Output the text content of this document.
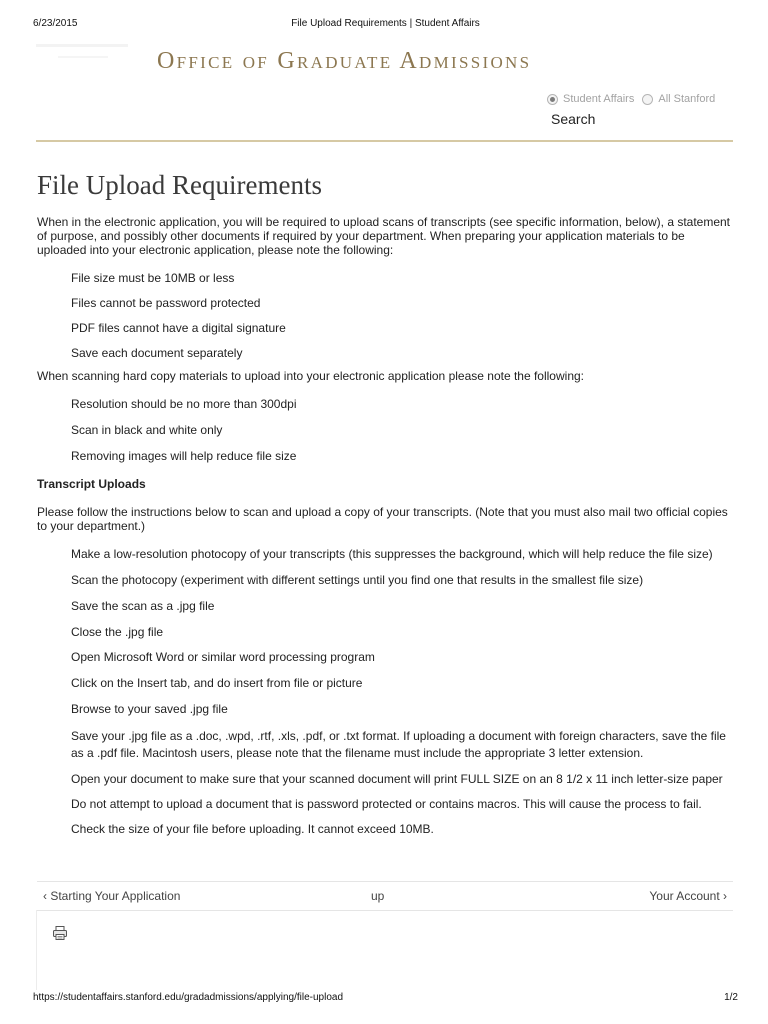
6/23/2015	File Upload Requirements | Student Affairs
Office of Graduate Admissions
Student Affairs All Stanford
Search
File Upload Requirements

When in the electronic application, you will be required to upload scans of transcripts (see specific information, below), a statement of purpose, and possibly other documents if required by your department. When preparing your application materials to be uploaded into your electronic application, please note the following:

File size must be 10MB or less
Files cannot be password protected
PDF files cannot have a digital signature
Save each document separately

When scanning hard copy materials to upload into your electronic application please note the following:

Resolution should be no more than 300dpi
Scan in black and white only
Removing images will help reduce file size
Transcript Uploads

Please follow the instructions below to scan and upload a copy of your transcripts. (Note that you must also mail two official copies to your department.)

Make a low-resolution photocopy of your transcripts (this suppresses the background, which will help reduce the file size)
Scan the photocopy (experiment with different settings until you find one that results in the smallest file size)
Save the scan as a .jpg file
Close the .jpg file
Open Microsoft Word or similar word processing program
Click on the Insert tab, and do insert from file or picture
Browse to your saved .jpg file
Save your .jpg file as a .doc, .wpd, .rtf, .xls, .pdf, or .txt format. If uploading a document with foreign characters, save the file as a .pdf file. Macintosh users, please note that the filename must include the appropriate 3 letter extension.
Open your document to make sure that your scanned document will print FULL SIZE on an 8 1/2 x 11 inch letter-size paper
Do not attempt to upload a document that is password protected or contains macros. This will cause the process to fail.
Check the size of your file before uploading. It cannot exceed 10MB.
‹ Starting Your Application	up	Your Account ›
https://studentaffairs.stanford.edu/gradadmissions/applying/file-upload	1/2
